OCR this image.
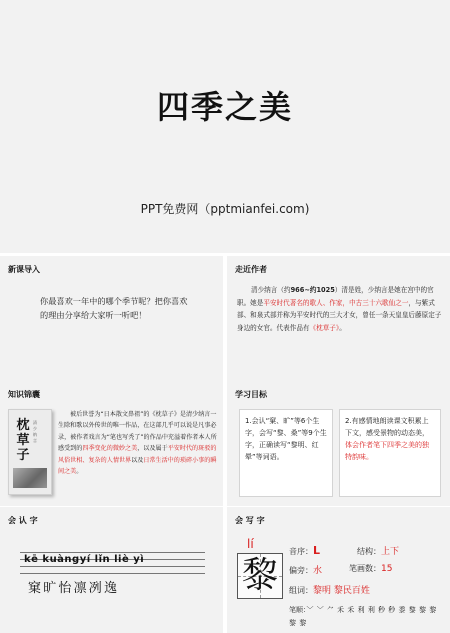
四季之美
PPT免费网（pptmianfei.com)
新课导入
你最喜欢一年中的哪个季节呢？把你喜欢的理由分享给大家听一听吧！
走近作者
清少纳言（约966~约1025）清是姓，少纳言是她在宫中的官职。她是平安时代著名的歌人、作家，中古三十六歌仙之一，与紫式部、和泉式部并称为平安时代的三大才女，曾任一条天皇皇后藤原定子身边的女官。代表作品有《枕草子》。
知识锦囊
枕草子
清少纳言
被后世誉为“日本散文鼻祖”的《枕草子》是清少纳言一生除和歌以外传世的唯一作品，在这部几乎可以说是凡事必录，被作者戏言为“笔也写秃了”的作品中充溢着作者本人所感受到的四季变化的微妙之美，以及属于平安时代的斑驳的风俗世相、复杂的人情世界以及日常生活中的琐碎小事的瞬间之美。
学习目标
1.会认“窠、旷”等6个生字，会写“黎、桑”等9个生字，正确读写“黎明、红晕”等词语。
2.有感情地朗读课文积累上下文，感受景物的动态美，体会作者笔下四季之美的独特韵味。
会 认 字
kē kuàngyí lǐn liè yì
窠旷怡凛冽逸
会 写 字
lí
黎
音序：L	结构：上下
偏旁：水	笔画数：15
组词：黎明 黎民百姓
笔顺：﹀ ﹀ ⺈ 禾 禾 利 利 秒 秒 黍 黎 黎 黎 黎 黎
